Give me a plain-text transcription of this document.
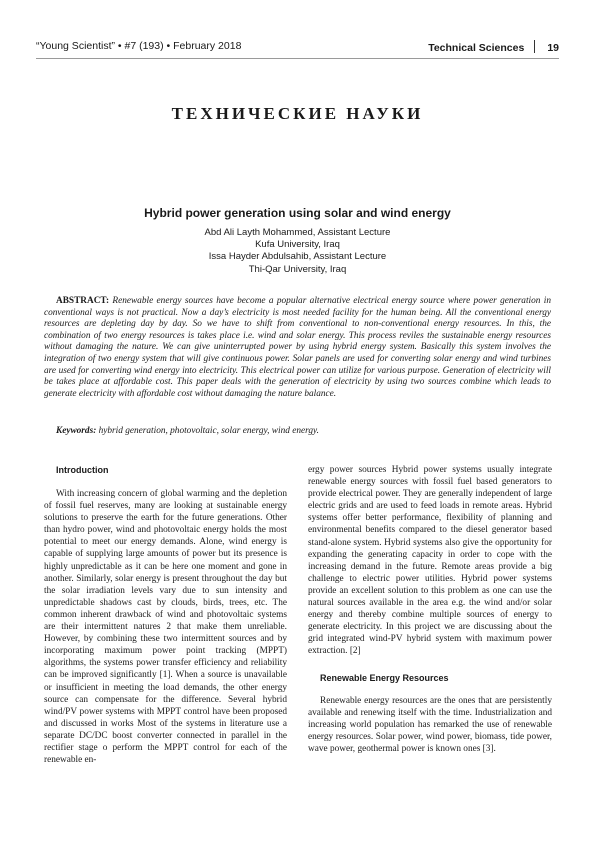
“Young Scientist” • #7 (193) • February 2018	Technical Sciences 19
ТЕХНИЧЕСКИЕ НАУКИ
Hybrid power generation using solar and wind energy
Abd Ali Layth Mohammed, Assistant Lecture
Kufa University, Iraq
Issa Hayder Abdulsahib, Assistant Lecture
Thi-Qar University, Iraq
ABSTRACT: Renewable energy sources have become a popular alternative electrical energy source where power generation in conventional ways is not practical. Now a day’s electricity is most needed facility for the human being. All the conventional energy resources are depleting day by day. So we have to shift from conventional to non-conventional energy resources. In this, the combination of two energy resources is takes place i.e. wind and solar energy. This process reviles the sustainable energy resources without damaging the nature. We can give uninterrupted power by using hybrid energy system. Basically this system involves the integration of two energy system that will give continuous power. Solar panels are used for converting solar energy and wind turbines are used for converting wind energy into electricity. This electrical power can utilize for various purpose. Generation of electricity will be takes place at affordable cost. This paper deals with the generation of electricity by using two sources combine which leads to generate electricity with affordable cost without damaging the nature balance.
Keywords: hybrid generation, photovoltaic, solar energy, wind energy.
Introduction

With increasing concern of global warming and the depletion of fossil fuel reserves, many are looking at sustainable energy solutions to preserve the earth for the future generations. Other than hydro power, wind and photovoltaic energy holds the most potential to meet our energy demands. Alone, wind energy is capable of supplying large amounts of power but its presence is highly unpredictable as it can be here one moment and gone in another. Similarly, solar energy is present throughout the day but the solar irradiation levels vary due to sun intensity and unpredictable shadows cast by clouds, birds, trees, etc. The common inherent drawback of wind and photovoltaic systems are their intermittent natures 2 that make them unreliable. However, by combining these two intermittent sources and by incorporating maximum power point tracking (MPPT) algorithms, the systems power transfer efficiency and reliability can be improved significantly [1]. When a source is unavailable or insufficient in meeting the load demands, the other energy source can compensate for the difference. Several hybrid wind/PV power systems with MPPT control have been proposed and discussed in works Most of the systems in literature use a separate DC/DC boost converter connected in parallel in the rectifier stage o perform the MPPT control for each of the renewable en-

ergy power sources Hybrid power systems usually integrate renewable energy sources with fossil fuel based generators to provide electrical power. They are generally independent of large electric grids and are used to feed loads in remote areas. Hybrid systems offer better performance, flexibility of planning and environmental benefits compared to the diesel generator based stand-alone system. Hybrid systems also give the opportunity for expanding the generating capacity in order to cope with the increasing demand in the future. Remote areas provide a big challenge to electric power utilities. Hybrid power systems provide an excellent solution to this problem as one can use the natural sources available in the area e.g. the wind and/or solar energy and thereby combine multiple sources of energy to generate electricity. In this project we are discussing about the grid integrated wind-PV hybrid system with maximum power extraction. [2]

Renewable Energy Resources

Renewable energy resources are the ones that are persistently available and renewing itself with the time. Industrialization and increasing world population has remarked the use of renewable energy resources. Solar power, wind power, biomass, tide power, wave power, geothermal power is known ones [3].
